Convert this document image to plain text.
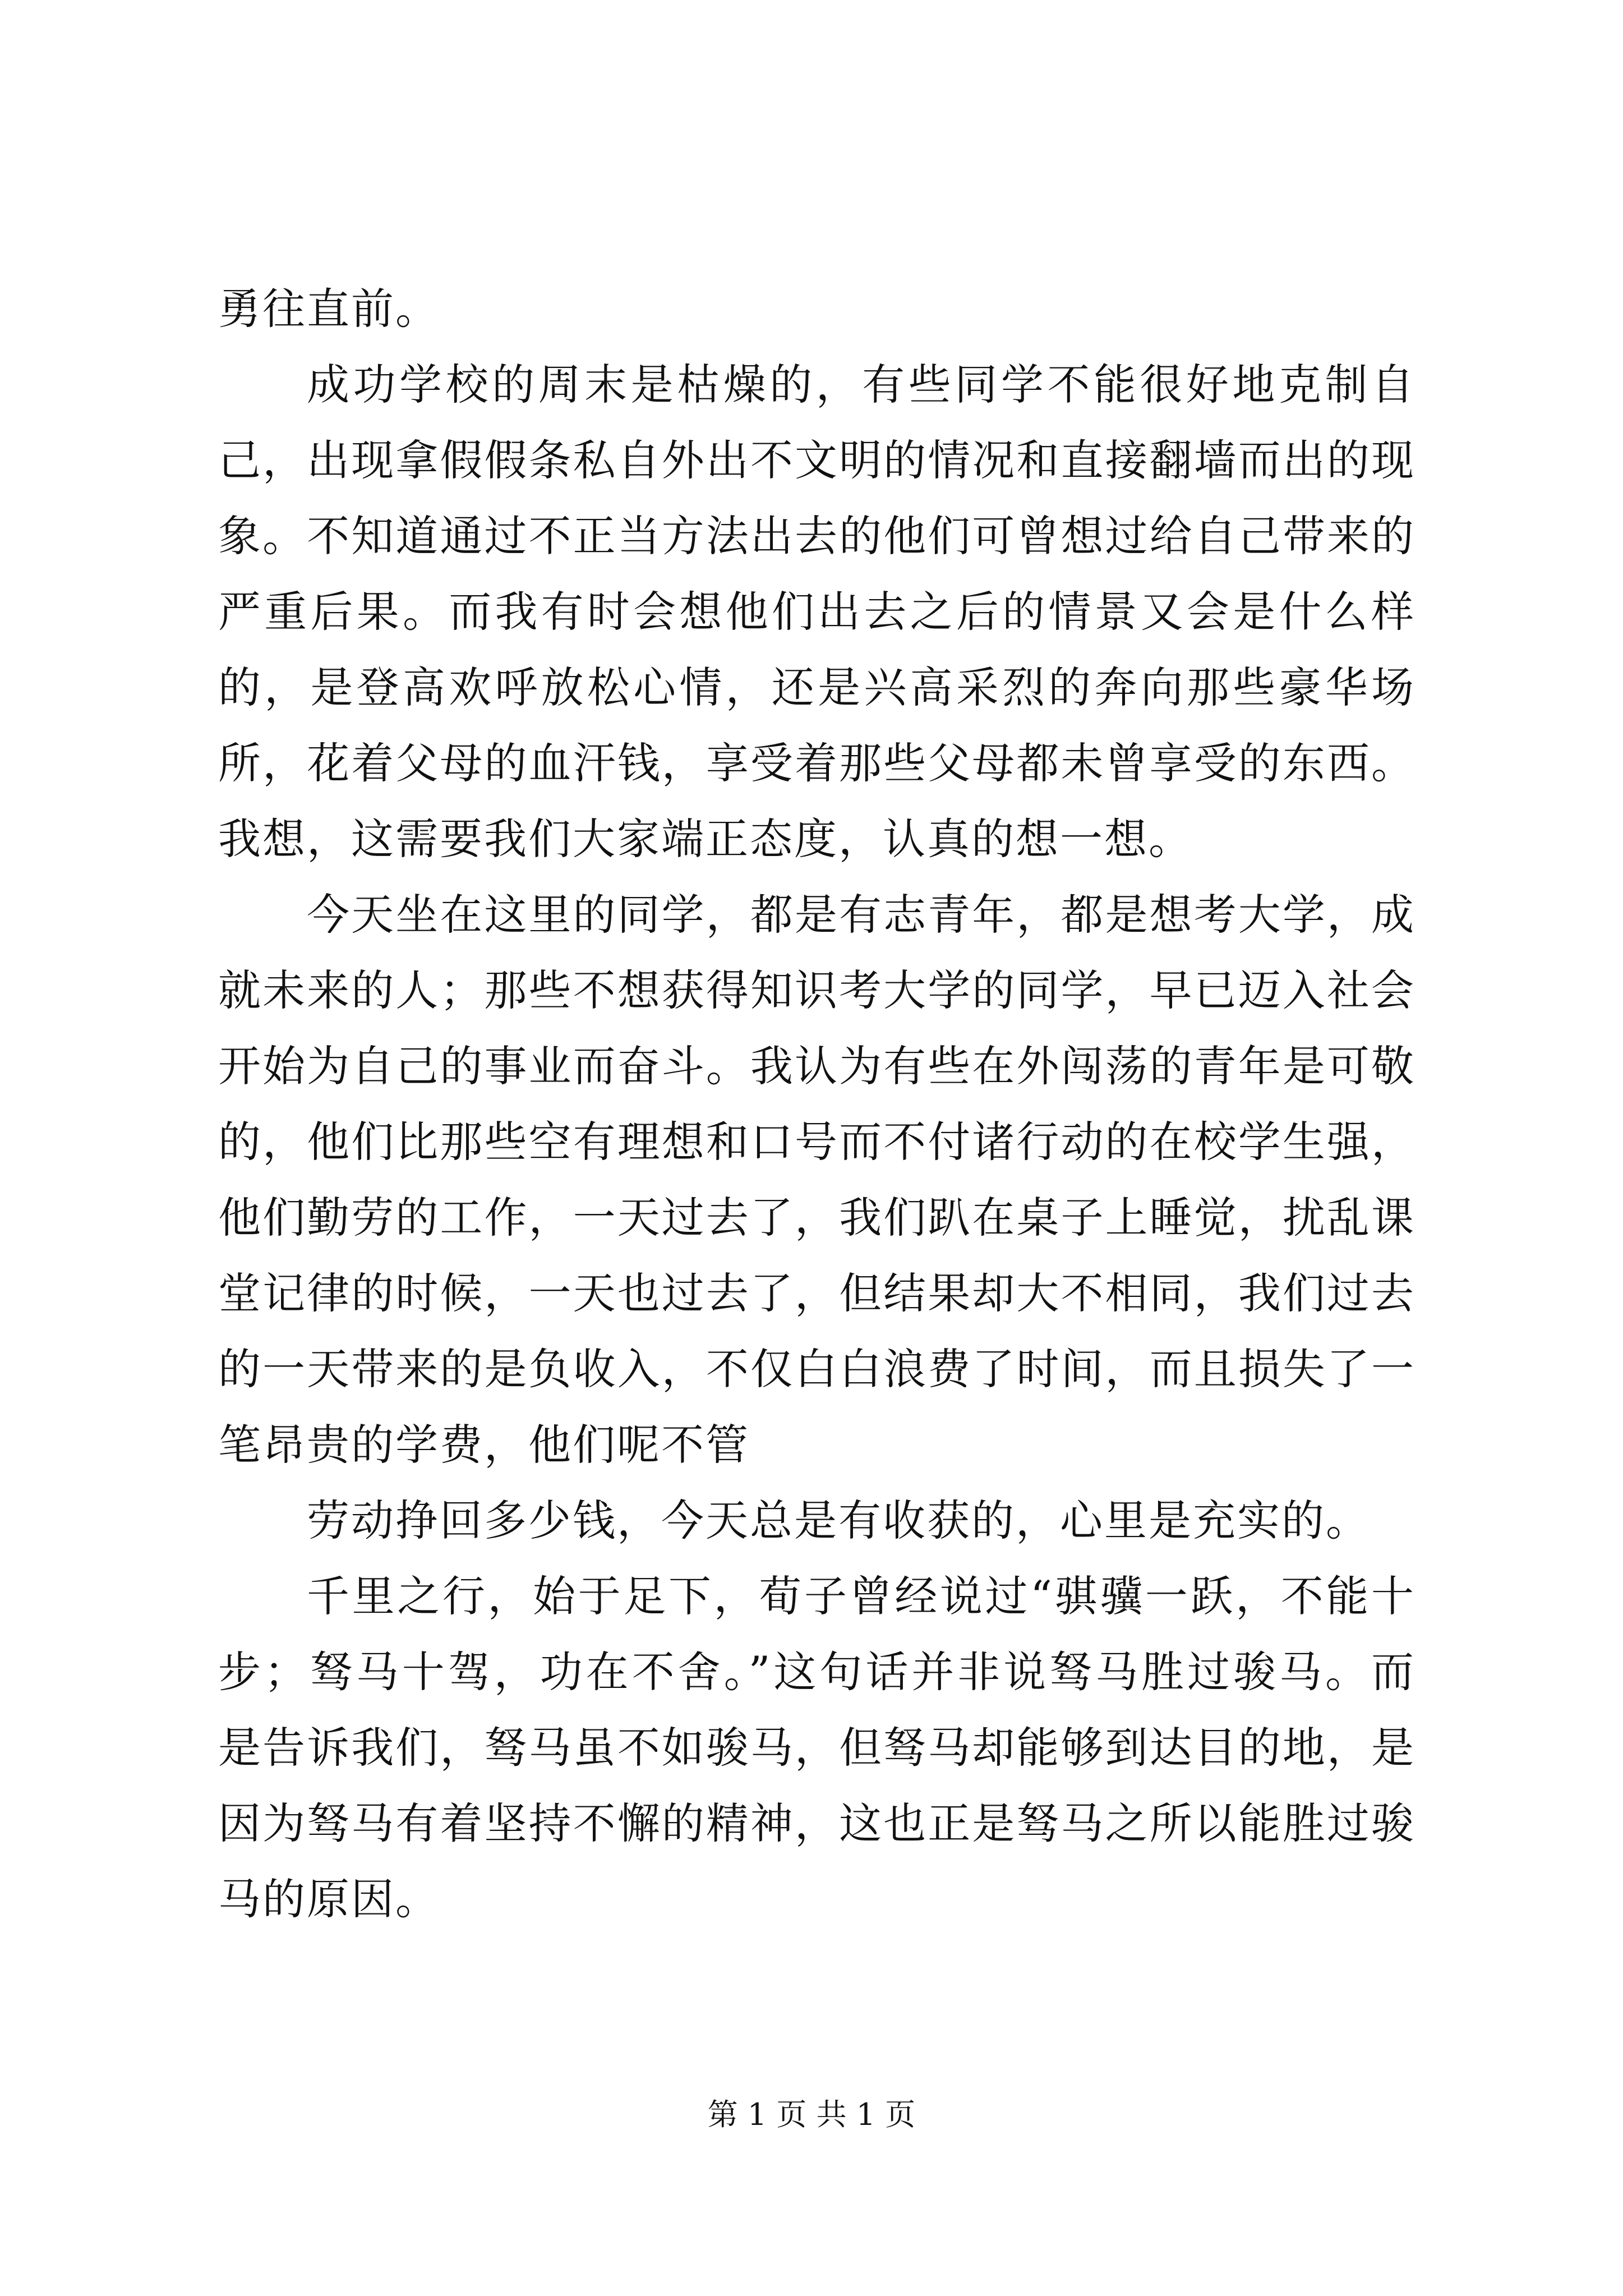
勇往直前。

成功学校的周末是枯燥的，有些同学不能很好地克制自己，出现拿假假条私自外出不文明的情况和直接翻墙而出的现象。不知道通过不正当方法出去的他们可曾想过给自己带来的严重后果。而我有时会想他们出去之后的情景又会是什么样的，是登高欢呼放松心情，还是兴高采烈的奔向那些豪华场所，花着父母的血汗钱，享受着那些父母都未曾享受的东西。我想，这需要我们大家端正态度，认真的想一想。

今天坐在这里的同学，都是有志青年，都是想考大学，成就未来的人；那些不想获得知识考大学的同学，早已迈入社会开始为自己的事业而奋斗。我认为有些在外闯荡的青年是可敬的，他们比那些空有理想和口号而不付诸行动的在校学生强，他们勤劳的工作，一天过去了，我们趴在桌子上睡觉，扰乱课堂记律的时候，一天也过去了，但结果却大不相同，我们过去的一天带来的是负收入，不仅白白浪费了时间，而且损失了一笔昂贵的学费，他们呢不管

劳动挣回多少钱，今天总是有收获的，心里是充实的。

千里之行，始于足下，荀子曾经说过“骐骥一跃，不能十步；驽马十驾，功在不舍。”这句话并非说驽马胜过骏马。而是告诉我们，驽马虽不如骏马，但驽马却能够到达目的地，是因为驽马有着坚持不懈的精神，这也正是驽马之所以能胜过骏马的原因。

第 1 页 共 1 页
